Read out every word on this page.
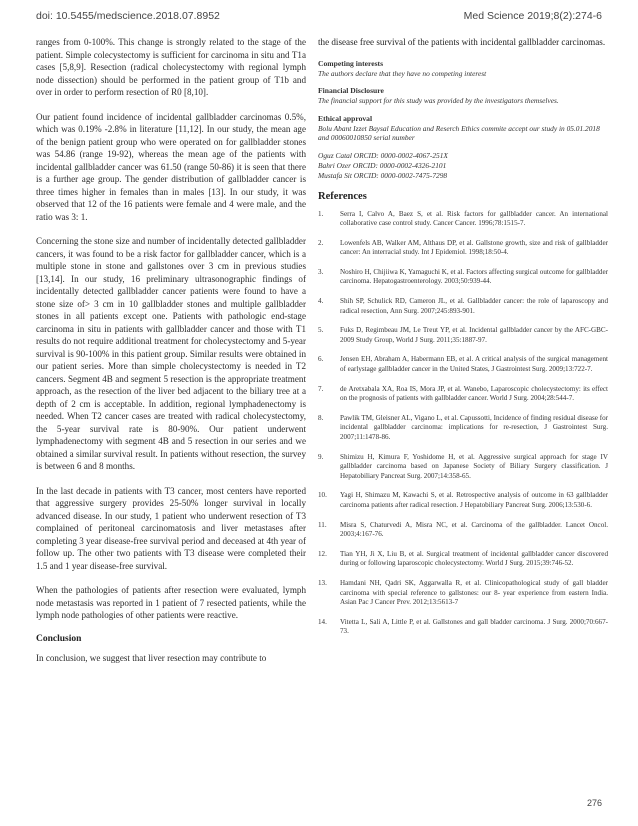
doi: 10.5455/medscience.2018.07.8952	Med Science 2019;8(2):274-6

ranges from 0-100%. This change is strongly related to the stage of the patient. Simple colecystectomy is sufficient for carcinoma in situ and T1a cases [5,8,9]. Resection (radical cholecystectomy with regional lymph node dissection) should be performed in the patient group of T1b and over in order to perform resection of R0 [8,10].

Our patient found incidence of incidental gallbladder carcinomas 0.5%, which was 0.19% -2.8% in literature [11,12]. In our study, the mean age of the benign patient group who were operated on for gallbladder stones was 54.86 (range 19-92), whereas the mean age of the patients with incidental gallbladder cancer was 61.50 (range 50-86) it is seen that there is a further age group. The gender distribution of gallbladder cancer is three times higher in females than in males [13]. In our study, it was observed that 12 of the 16 patients were female and 4 were male, and the ratio was 3: 1.

Concerning the stone size and number of incidentally detected gallbladder cancers, it was found to be a risk factor for gallbladder cancer, which is a multiple stone in stone and gallstones over 3 cm in previous studies [13,14]. In our study, 16 preliminary ultrasonographic findings of incidentally detected gallbladder cancer patients were found to have a stone size of> 3 cm in 10 gallbladder stones and multiple gallbladder stones in all patients except one. Patients with pathologic end-stage carcinoma in situ in patients with gallbladder cancer and those with T1 results do not require additional treatment for cholecystectomy and 5-year survival is 90-100% in this patient group. Similar results were obtained in our patient series. More than simple cholecystectomy is needed in T2 cancers. Segment 4B and segment 5 resection is the appropriate treatment approach, as the resection of the liver bed adjacent to the biliary tree at a depth of 2 cm is acceptable. In addition, regional lymphadenectomy is needed. When T2 cancer cases are treated with radical cholecystectomy, the 5-year survival rate is 80-90%. Our patient underwent lymphadenectomy with segment 4B and 5 resection in our series and we obtained a similar survival result. In patients without resection, the survey is between 6 and 8 months.

In the last decade in patients with T3 cancer, most centers have reported that aggressive surgery provides 25-50% longer survival in locally advanced disease. In our study, 1 patient who underwent resection of T3 complained of peritoneal carcinomatosis and liver metastases after completing 3 year disease-free survival period and deceased at 4th year of follow up. The other two patients with T3 disease were completed their 1.5 and 1 year disease-free survival.

When the pathologies of patients after resection were evaluated, lymph node metastasis was reported in 1 patient of 7 resected patients, while the lymph node pathologies of other patients were reactive.

Conclusion

In conclusion, we suggest that liver resection may contribute to

the disease free survival of the patients with incidental gallbladder carcinomas.

Competing interests
The authors declare that they have no competing interest
Financial Disclosure
The financial support for this study was provided by the investigators themselves.
Ethical approval
Bolu Abant Izzet Baysal Education and Reserch Ethics commite accept our study in 05.01.2018 and 00060010850 serial number
Oguz Catal ORCID: 0000-0002-4067-251X
Bahri Ozer ORCID: 0000-0002-4326-2101
Mustafa Sit ORCID: 0000-0002-7475-7298
References
1. Serra I, Calvo A, Baez S, et al. Risk factors for gallbladder cancer. An international collaborative case control study. Cancer Cancer. 1996;78:1515-7.
2. Lowenfels AB, Walker AM, Althaus DP, et al. Gallstone growth, size and risk of gallbladder cancer: An interracial study. Int J Epidemiol. 1998;18:50-4.
3. Noshiro H, Chijiiwa K, Yamaguchi K, et al. Factors affecting surgical outcome for gallbladder carcinoma. Hepatogastroenterology. 2003;50:939-44.
4. Shih SP, Schulick RD, Cameron JL, et al. Gallbladder cancer: the role of laparoscopy and radical resection, Ann Surg. 2007;245:893-901.
5. Fuks D, Regimbeau JM, Le Treut YP, et al. Incidental gallbladder cancer by the AFC-GBC-2009 Study Group, World J Surg. 2011;35:1887-97.
6. Jensen EH, Abraham A, Habermann EB, et al. A critical analysis of the surgical management of earlystage gallbladder cancer in the United States, J Gastrointest Surg. 2009;13:722-7.
7. de Aretxabala XA, Roa IS, Mora JP, et al. Wanebo, Laparoscopic cholecystectomy: its effect on the prognosis of patients with gallbladder cancer. World J Surg. 2004;28:544-7.
8. Pawlik TM, Gleisner AL, Vigano L, et al. Capussotti, Incidence of finding residual disease for incidental gallbladder carcinoma: implications for re-resection, J Gastrointest Surg. 2007;11:1478-86.
9. Shimizu H, Kimura F, Yoshidome H, et al. Aggressive surgical approach for stage IV gallbladder carcinoma based on Japanese Society of Biliary Surgery classification. J Hepatobiliary Pancreat Surg. 2007;14:358-65.
10. Yagi H, Shimazu M, Kawachi S, et al. Retrospective analysis of outcome in 63 gallbladder carcinoma patients after radical resection. J Hepatobiliary Pancreat Surg. 2006;13:530-6.
11. Misra S, Chaturvedi A, Misra NC, et al. Carcinoma of the gallbladder. Lancet Oncol. 2003;4:167-76.
12. Tian YH, Ji X, Liu B, et al. Surgical treatment of incidental gallbladder cancer discovered during or following laparoscopic cholecystectomy. World J Surg. 2015;39:746-52.
13. Hamdani NH, Qadri SK, Aggarwalla R, et al. Clinicopathological study of gall bladder carcinoma with special reference to gallstones: our 8- year experience from eastern India. Asian Pac J Cancer Prev. 2012;13:5613-7
14. Vitetta L, Sali A, Little P, et al. Gallstones and gall bladder carcinoma. J Surg. 2000;70:667-73.
276
